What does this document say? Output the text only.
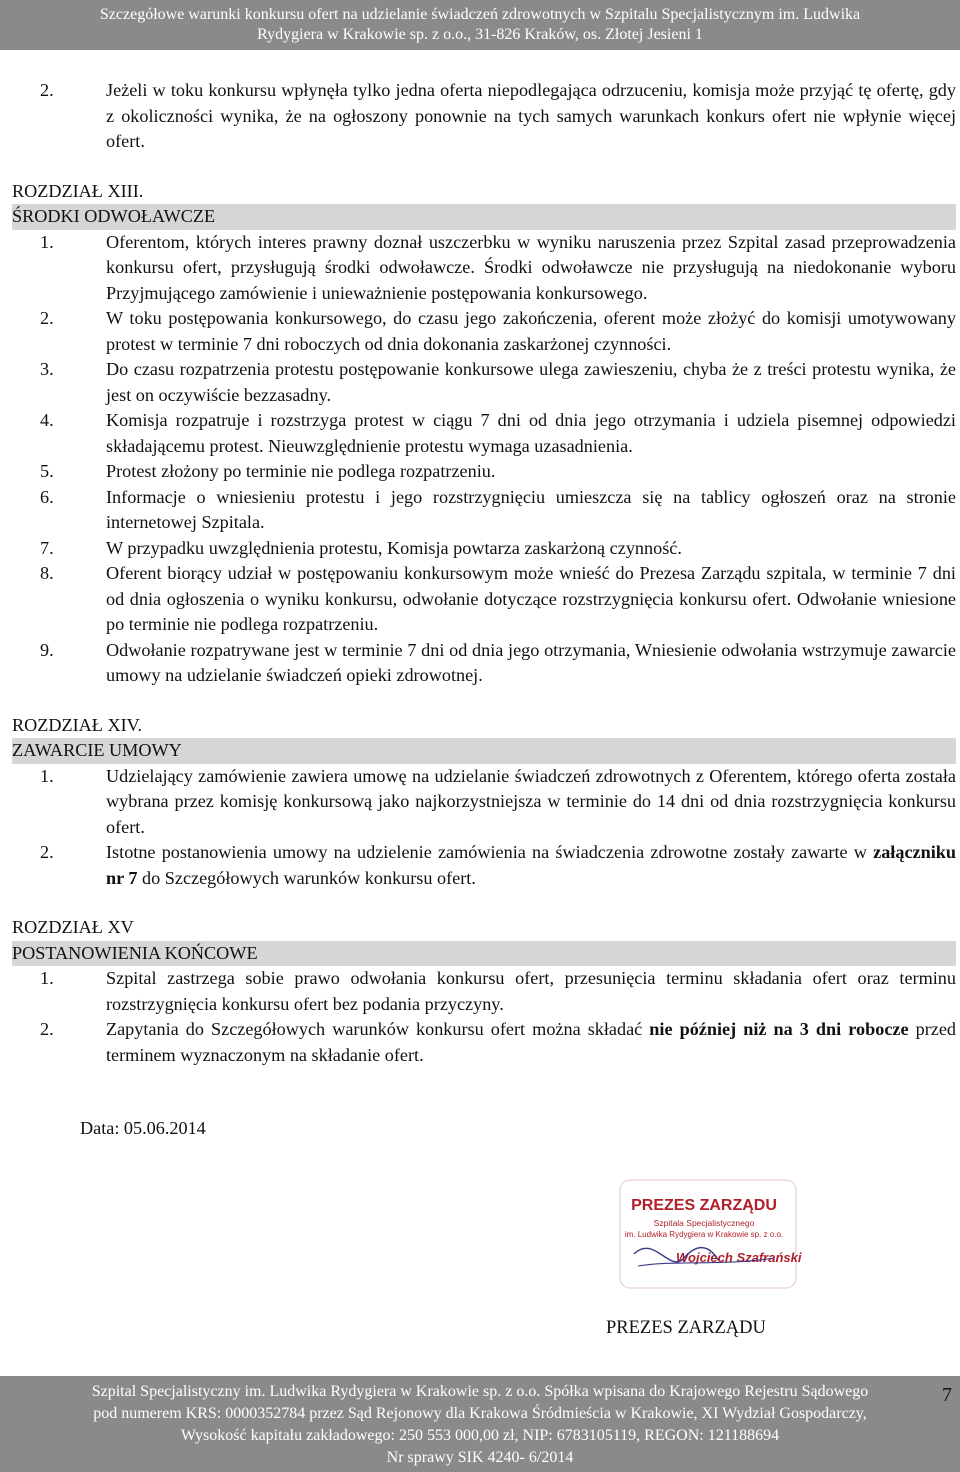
Szczegółowe warunki konkursu ofert na udzielanie świadczeń zdrowotnych w Szpitalu Specjalistycznym im. Ludwika
Rydygiera w Krakowie sp. z o.o., 31-826 Kraków, os. Złotej Jesieni 1
2.	Jeżeli w toku konkursu wpłynęła tylko jedna oferta niepodlegająca odrzuceniu, komisja może przyjąć tę ofertę, gdy z okoliczności wynika, że na ogłoszony ponownie na tych samych warunkach konkurs ofert nie wpłynie więcej ofert.
ROZDZIAŁ XIII.
ŚRODKI ODWOŁAWCZE
1.	Oferentom, których interes prawny doznał uszczerbku w wyniku naruszenia przez Szpital zasad przeprowadzenia konkursu ofert, przysługują środki odwoławcze. Środki odwoławcze nie przysługują na niedokonanie wyboru Przyjmującego zamówienie i unieważnienie postępowania konkursowego.
2.	W toku postępowania konkursowego, do czasu jego zakończenia, oferent może złożyć do komisji umotywowany protest w terminie 7 dni roboczych od dnia dokonania zaskarżonej czynności.
3.	Do czasu rozpatrzenia protestu postępowanie konkursowe ulega zawieszeniu, chyba że z treści protestu wynika, że jest on oczywiście bezzasadny.
4.	Komisja rozpatruje i rozstrzyga protest w ciągu 7 dni od dnia jego otrzymania i udziela pisemnej odpowiedzi składającemu protest. Nieuwzględnienie protestu wymaga uzasadnienia.
5.	Protest złożony po terminie nie podlega rozpatrzeniu.
6.	Informacje o wniesieniu protestu i jego rozstrzygnięciu umieszcza się na tablicy ogłoszeń oraz na stronie internetowej Szpitala.
7.	W przypadku uwzględnienia protestu, Komisja powtarza zaskarżoną czynność.
8.	Oferent biorący udział w postępowaniu konkursowym może wnieść do Prezesa Zarządu szpitala, w terminie 7 dni od dnia ogłoszenia o wyniku konkursu, odwołanie dotyczące rozstrzygnięcia konkursu ofert. Odwołanie wniesione po terminie nie podlega rozpatrzeniu.
9.	Odwołanie rozpatrywane jest w terminie 7 dni od dnia jego otrzymania, Wniesienie odwołania wstrzymuje zawarcie umowy na udzielanie świadczeń opieki zdrowotnej.
ROZDZIAŁ XIV.
ZAWARCIE UMOWY
1.	Udzielający zamówienie zawiera umowę na udzielanie świadczeń zdrowotnych z Oferentem, którego oferta została wybrana przez komisję konkursową jako najkorzystniejsza w terminie do 14 dni od dnia rozstrzygnięcia konkursu ofert.
2.	Istotne postanowienia umowy na udzielenie zamówienia na świadczenia zdrowotne zostały zawarte w załączniku nr 7 do Szczegółowych warunków konkursu ofert.
ROZDZIAŁ XV
POSTANOWIENIA KOŃCOWE
1.	Szpital zastrzega sobie prawo odwołania konkursu ofert, przesunięcia terminu składania ofert oraz terminu rozstrzygnięcia konkursu ofert bez podania przyczyny.
2.	Zapytania do Szczegółowych warunków konkursu ofert można składać nie później niż na 3 dni robocze przed terminem wyznaczonym na składanie ofert.
Data: 05.06.2014
PREZES ZARZĄDU
Szpitala Specjalistycznego
im. Ludwika Rydygiera w Krakowie sp. z o.o.
Wojciech Szafrański
PREZES ZARZĄDU
Szpital Specjalistyczny im. Ludwika Rydygiera w Krakowie sp. z o.o. Spółka wpisana do Krajowego Rejestru Sądowego
pod numerem KRS: 0000352784 przez Sąd Rejonowy dla Krakowa Śródmieścia w Krakowie, XI Wydział Gospodarczy,
Wysokość kapitału zakładowego: 250 553 000,00 zł, NIP: 6783105119, REGON: 121188694
Nr sprawy SIK 4240- 6/2014
7
